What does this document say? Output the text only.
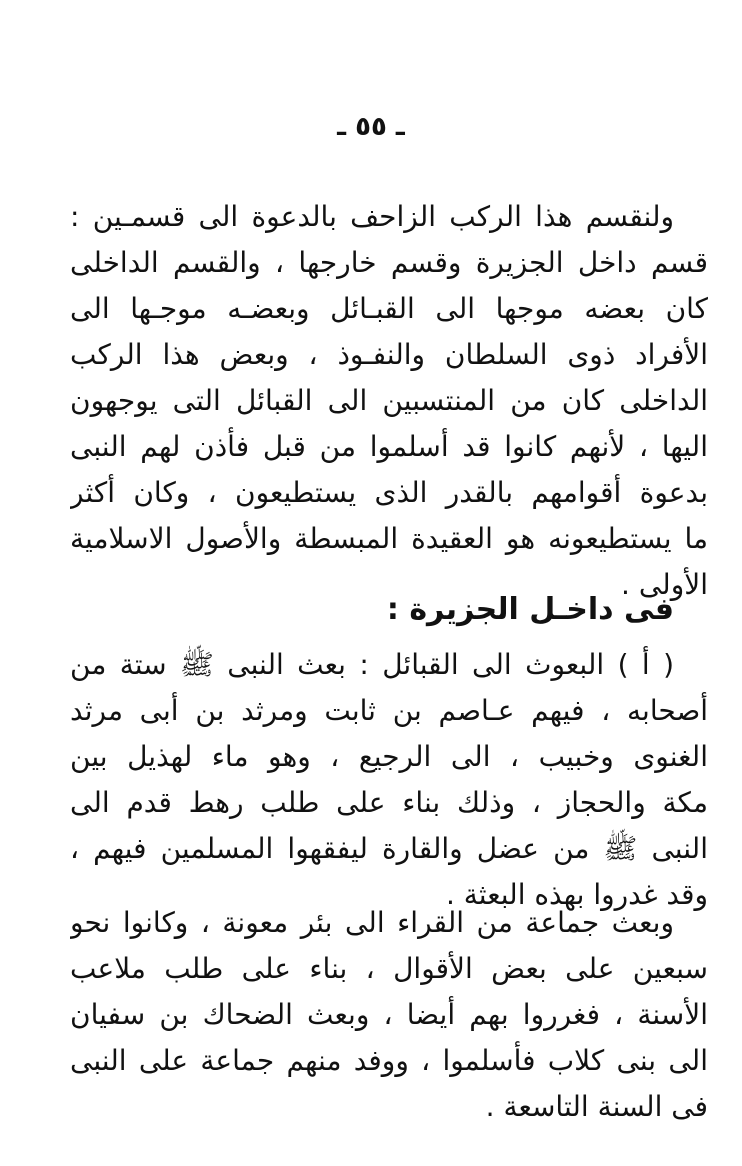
ـ ٥٥ ـ
ولنقسم هذا الركب الزاحف بالدعوة الى قسمـين :
قسم داخل الجزيرة وقسم خارجها ، والقسم الداخلى
كان بعضه موجها الى القبـائل وبعضـه موجـها الى
الأفراد ذوى السلطان والنفـوذ ، وبعض هذا الركب
الداخلى كان من المنتسبين الى القبائل التى يوجهون
اليها ، لأنهم كانوا قد أسلموا من قبل فأذن لهم النبى
بدعوة أقوامهم بالقدر الذى يستطيعون ، وكان أكثر
ما يستطيعونه هو العقيدة المبسطة والأصول الاسلامية
الأولى .
فى داخـل الجزيرة :
( أ ) البعوث الى القبائل : بعث النبى ﷺ ستة من
أصحابه ، فيهم عـاصم بن ثابت ومرثد بن أبى مرثد
الغنوى وخبيب ، الى الرجيع ، وهو ماء لهذيل بين
مكة والحجاز ، وذلك بناء على طلب رهط قدم الى
النبى ﷺ من عضل والقارة ليفقهوا المسلمين فيهم ،
وقد غدروا بهذه البعثة .
وبعث جماعة من القراء الى بئر معونة ، وكانوا نحو
سبعين على بعض الأقوال ، بناء على طلب ملاعب
الأسنة ، فغرروا بهم أيضا ، وبعث الضحاك بن سفيان
الى بنى كلاب فأسلموا ، ووفد منهم جماعة على النبى
فى السنة التاسعة .
